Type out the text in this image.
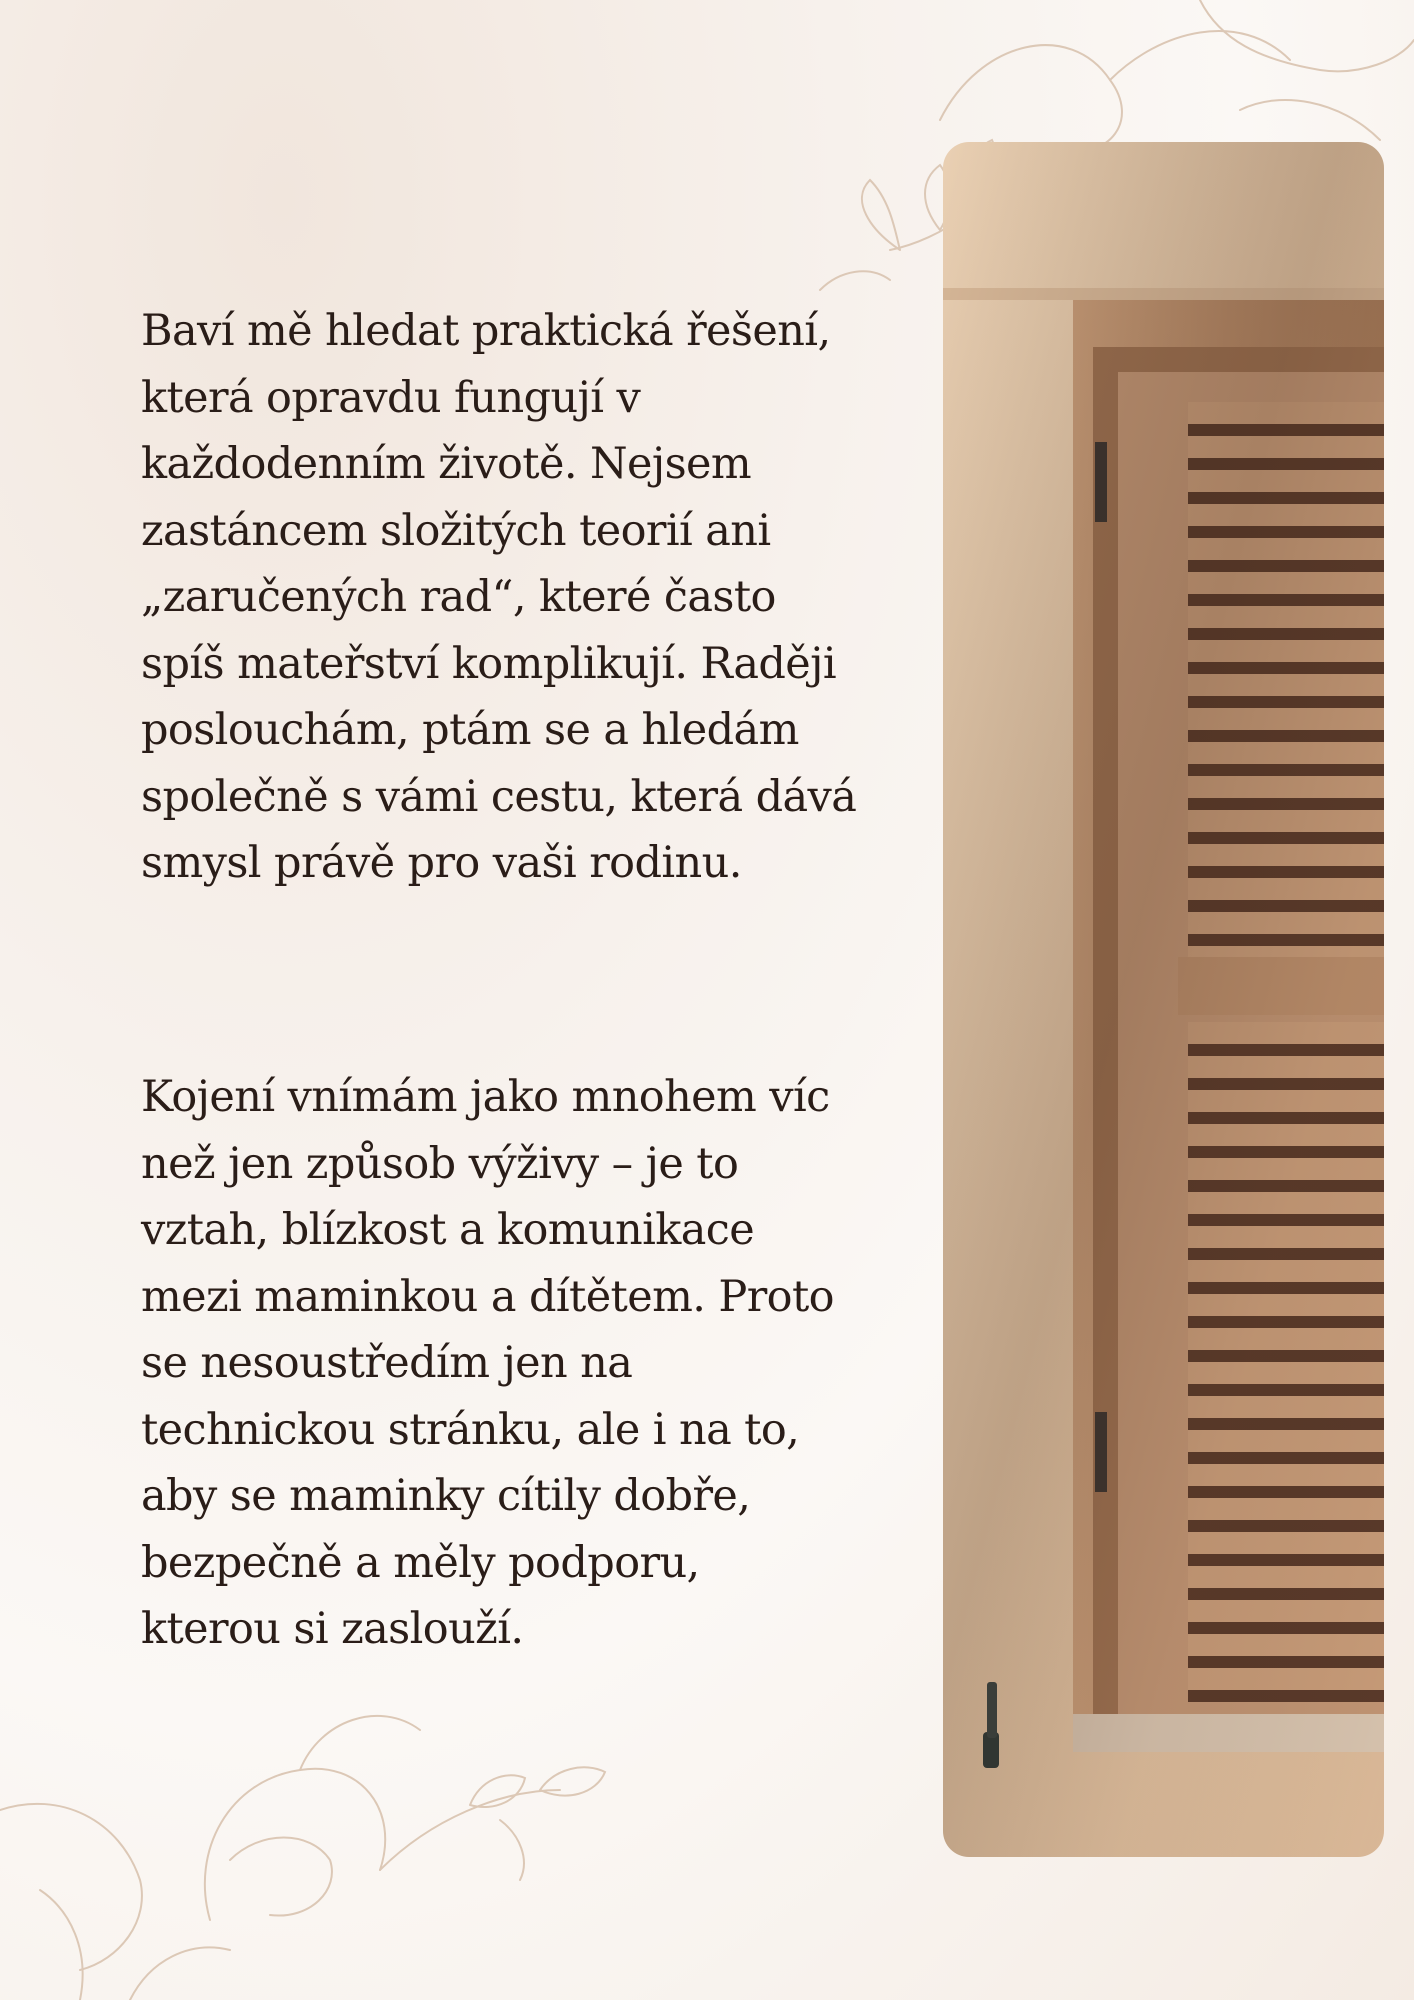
Baví mě hledat praktická řešení,
která opravdu fungují v
každodenním životě. Nejsem
zastáncem složitých teorií ani
„zaručených rad“, které často
spíš mateřství komplikují. Raději
poslouchám, ptám se a hledám
společně s vámi cestu, která dává
smysl právě pro vaši rodinu.

Kojení vnímám jako mnohem víc
než jen způsob výživy – je to
vztah, blízkost a komunikace
mezi maminkou a dítětem. Proto
se nesoustředím jen na
technickou stránku, ale i na to,
aby se maminky cítily dobře,
bezpečně a měly podporu,
kterou si zaslouží.
